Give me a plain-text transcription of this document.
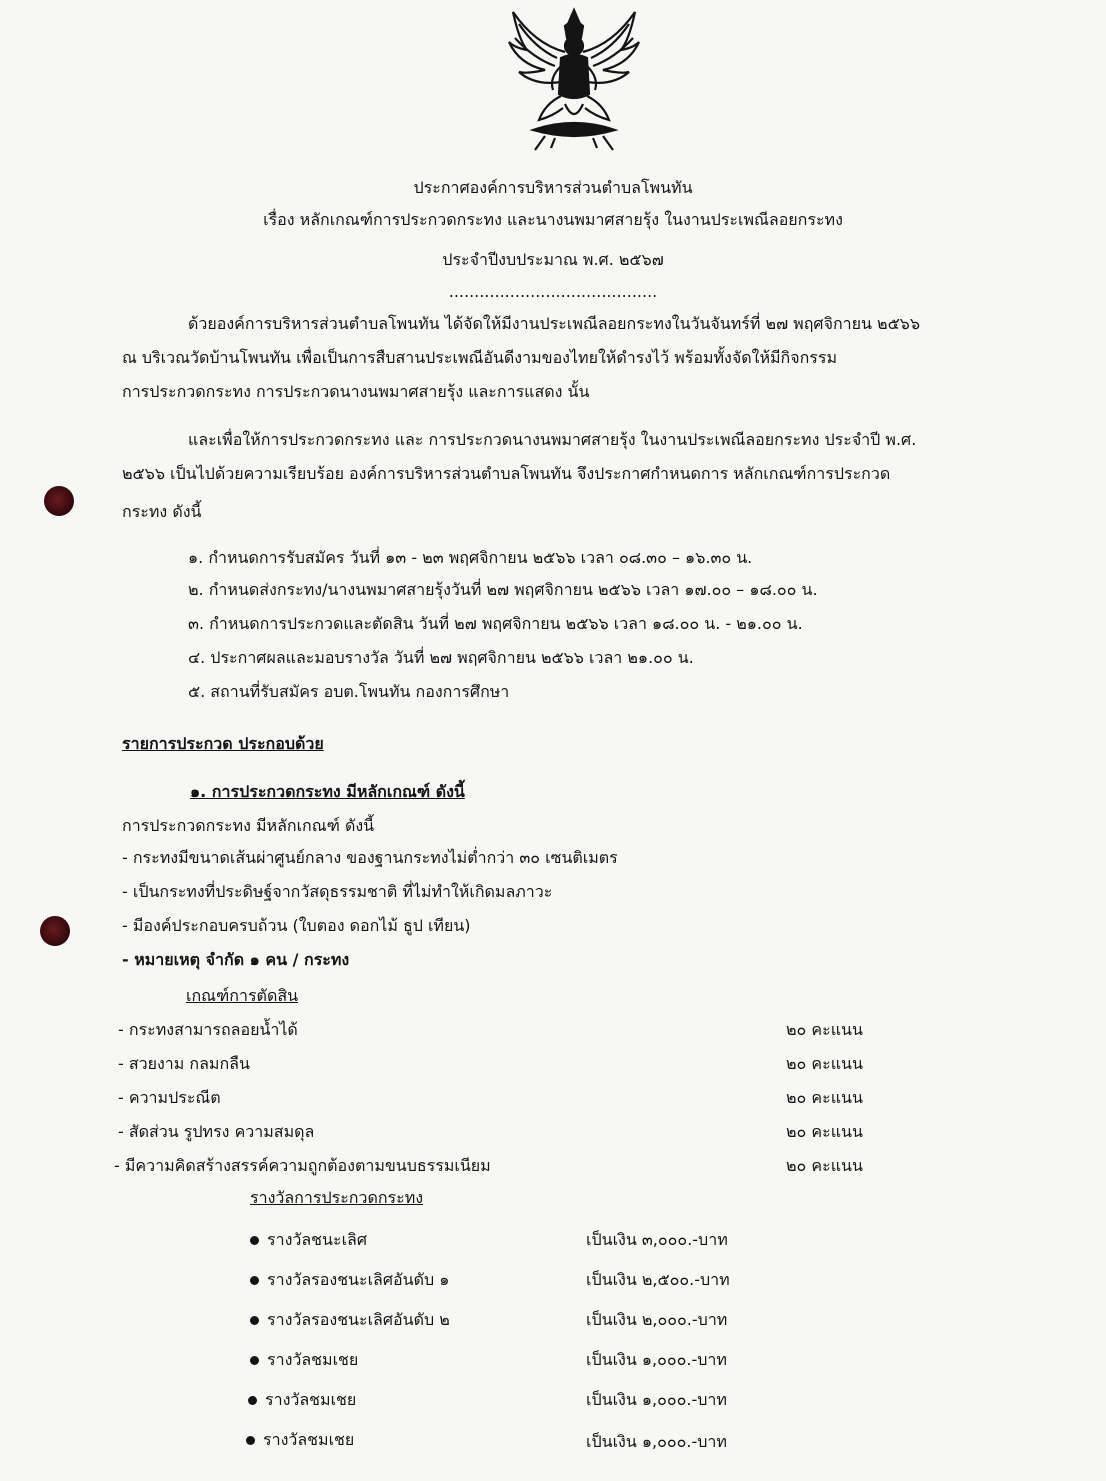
ประกาศองค์การบริหารส่วนตำบลโพนทัน
เรื่อง หลักเกณฑ์การประกวดกระทง และนางนพมาศสายรุ้ง ในงานประเพณีลอยกระทง
ประจำปีงบประมาณ พ.ศ. ๒๕๖๗
.........................................
ด้วยองค์การบริหารส่วนตำบลโพนทัน ได้จัดให้มีงานประเพณีลอยกระทงในวันจันทร์ที่ ๒๗ พฤศจิกายน ๒๕๖๖
ณ บริเวณวัดบ้านโพนทัน เพื่อเป็นการสืบสานประเพณีอันดีงามของไทยให้ดำรงไว้ พร้อมทั้งจัดให้มีกิจกรรม
การประกวดกระทง การประกวดนางนพมาศสายรุ้ง และการแสดง นั้น
และเพื่อให้การประกวดกระทง และ การประกวดนางนพมาศสายรุ้ง ในงานประเพณีลอยกระทง ประจำปี พ.ศ.
๒๕๖๖ เป็นไปด้วยความเรียบร้อย องค์การบริหารส่วนตำบลโพนทัน จึงประกาศกำหนดการ หลักเกณฑ์การประกวด
กระทง ดังนี้
๑. กำหนดการรับสมัคร วันที่ ๑๓ - ๒๓ พฤศจิกายน ๒๕๖๖ เวลา ๐๘.๓๐ – ๑๖.๓๐ น.
๒. กำหนดส่งกระทง/นางนพมาศสายรุ้งวันที่ ๒๗ พฤศจิกายน ๒๕๖๖ เวลา ๑๗.๐๐ – ๑๘.๐๐ น.
๓. กำหนดการประกวดและตัดสิน วันที่ ๒๗ พฤศจิกายน ๒๕๖๖ เวลา ๑๘.๐๐ น. - ๒๑.๐๐ น.
๔. ประกาศผลและมอบรางวัล วันที่ ๒๗ พฤศจิกายน ๒๕๖๖ เวลา ๒๑.๐๐ น.
๕. สถานที่รับสมัคร อบต.โพนทัน กองการศึกษา
รายการประกวด ประกอบด้วย
๑. การประกวดกระทง มีหลักเกณฑ์ ดังนี้
การประกวดกระทง มีหลักเกณฑ์ ดังนี้
- กระทงมีขนาดเส้นผ่าศูนย์กลาง ของฐานกระทงไม่ต่ำกว่า ๓๐ เซนติเมตร
- เป็นกระทงที่ประดิษฐ์จากวัสดุธรรมชาติ ที่ไม่ทำให้เกิดมลภาวะ
- มีองค์ประกอบครบถ้วน (ใบตอง ดอกไม้ ธูป เทียน)
- หมายเหตุ จำกัด ๑ คน / กระทง
เกณฑ์การตัดสิน
- กระทงสามารถลอยน้ำได้	๒๐ คะแนน
- สวยงาม กลมกลืน	๒๐ คะแนน
- ความประณีต	๒๐ คะแนน
- สัดส่วน รูปทรง ความสมดุล	๒๐ คะแนน
- มีความคิดสร้างสรรค์ความถูกต้องตามขนบธรรมเนียม	๒๐ คะแนน
รางวัลการประกวดกระทง
รางวัลชนะเลิศ	เป็นเงิน ๓,๐๐๐.-บาท
รางวัลรองชนะเลิศอันดับ ๑	เป็นเงิน ๒,๕๐๐.-บาท
รางวัลรองชนะเลิศอันดับ ๒	เป็นเงิน ๒,๐๐๐.-บาท
รางวัลชมเชย	เป็นเงิน ๑,๐๐๐.-บาท
รางวัลชมเชย	เป็นเงิน ๑,๐๐๐.-บาท
รางวัลชมเชย	เป็นเงิน ๑,๐๐๐.-บาท
